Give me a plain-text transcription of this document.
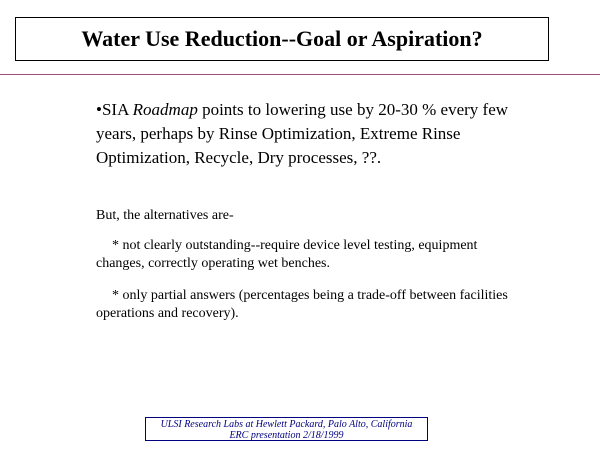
Water Use Reduction--Goal or Aspiration?
•SIA Roadmap points to lowering use by 20-30 % every few years, perhaps by Rinse Optimization, Extreme Rinse Optimization, Recycle, Dry processes, ??.
But, the alternatives are-
* not clearly outstanding--require device level testing, equipment changes, correctly operating wet benches.
* only partial answers (percentages being a trade-off between facilities operations and recovery).
ULSI Research Labs at Hewlett Packard, Palo Alto, California
ERC presentation 2/18/1999
